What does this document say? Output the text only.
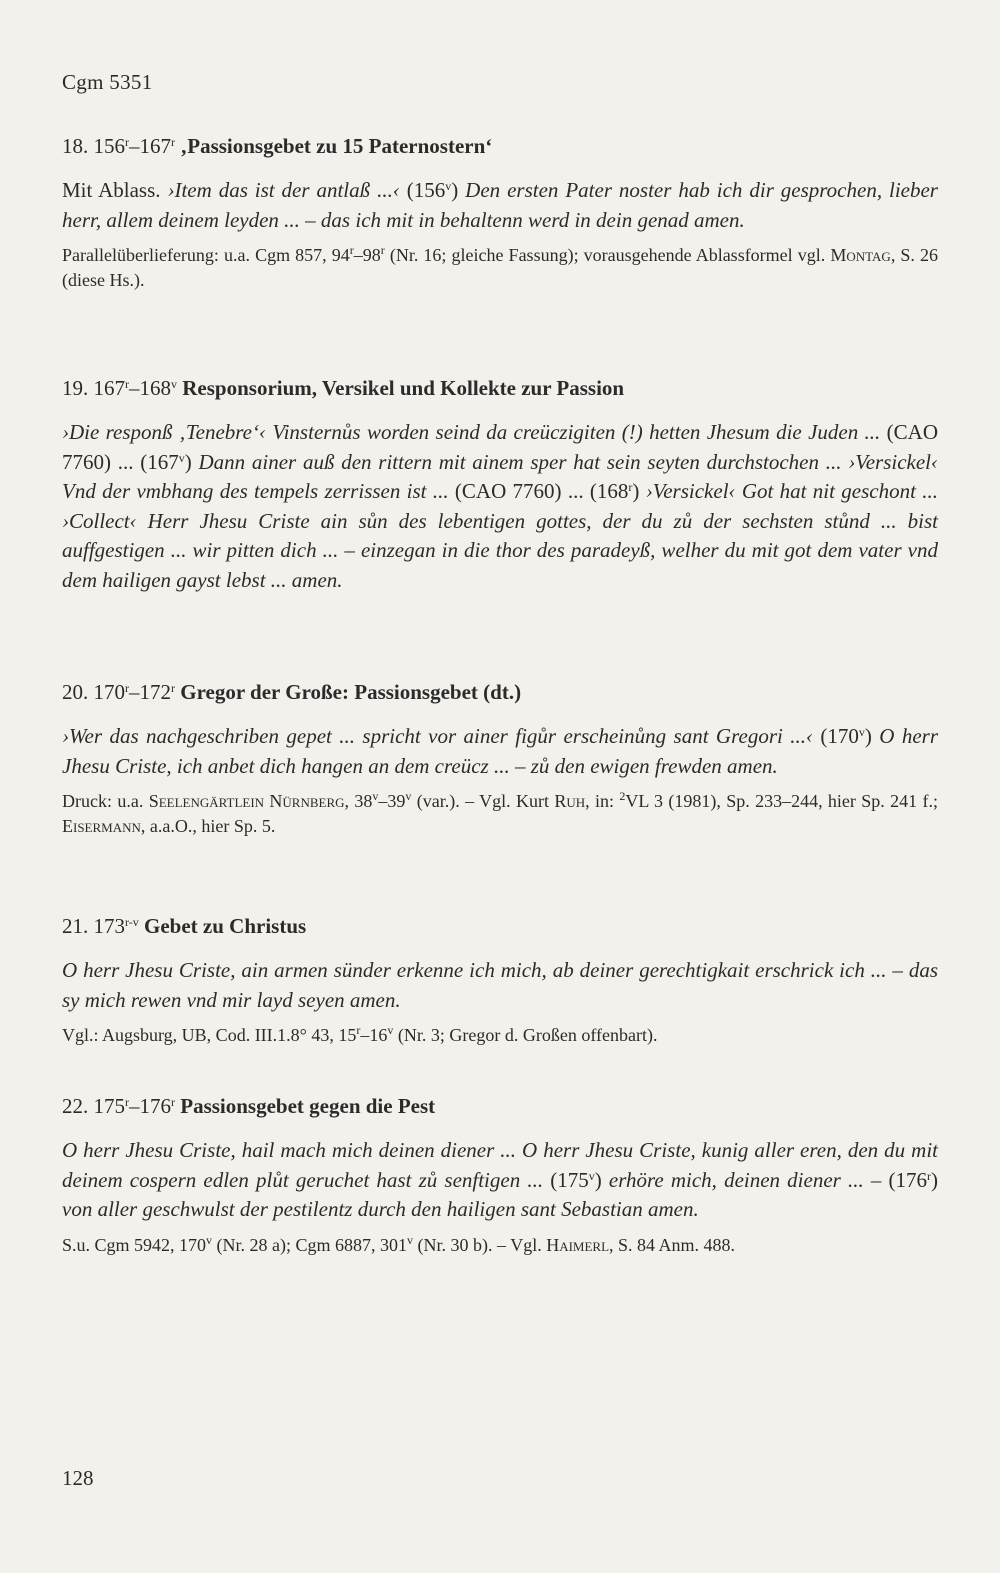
Cgm 5351

18. 156$^r$–167$^r$ ‚Passionsgebet zu 15 Paternostern‘

Mit Ablass. ›Item das ist der antlaß ...‹ (156$^v$) Den ersten Pater noster hab ich dir gesprochen, lieber herr, allem deinem leyden ... – das ich mit in behaltenn werd in dein genad amen.

Parallelüberlieferung: u.a. Cgm 857, 94$^r$–98$^r$ (Nr. 16; gleiche Fassung); vorausgehende Ablassformel vgl. Montag, S. 26 (diese Hs.).

19. 167$^r$–168$^v$ Responsorium, Versikel und Kollekte zur Passion

›Die responß ‚Tenebre‘‹ Vinsternůs worden seind da creüczigiten (!) hetten Jhesum die Juden ... (CAO 7760) ... (167$^v$) Dann ainer auß den rittern mit ainem sper hat sein seyten durchstochen ... ›Versickel‹ Vnd der vmbhang des tempels zerrissen ist ... (CAO 7760) ... (168$^r$) ›Versickel‹ Got hat nit geschont ... ›Collect‹ Herr Jhesu Criste ain sůn des lebentigen gottes, der du zů der sechsten stůnd ... bist auffgestigen ... wir pitten dich ... – einzegan in die thor des paradeyß, welher du mit got dem vater vnd dem hailigen gayst lebst ... amen.

20. 170$^r$–172$^r$ Gregor der Große: Passionsgebet (dt.)

›Wer das nachgeschriben gepet ... spricht vor ainer figůr erscheinůng sant Gregori ...‹ (170$^v$) O herr Jhesu Criste, ich anbet dich hangen an dem creücz ... – zů den ewigen frewden amen.

Druck: u.a. Seelengärtlein Nürnberg, 38$^v$–39$^v$ (var.). – Vgl. Kurt Ruh, in: $^2$VL 3 (1981), Sp. 233–244, hier Sp. 241 f.; Eisermann, a.a.O., hier Sp. 5.

21. 173$^{r-v}$ Gebet zu Christus

O herr Jhesu Criste, ain armen sünder erkenne ich mich, ab deiner gerechtigkait erschrick ich ... – das sy mich rewen vnd mir layd seyen amen.

Vgl.: Augsburg, UB, Cod. III.1.8° 43, 15$^r$–16$^v$ (Nr. 3; Gregor d. Großen offenbart).

22. 175$^r$–176$^r$ Passionsgebet gegen die Pest

O herr Jhesu Criste, hail mach mich deinen diener ... O herr Jhesu Criste, kunig aller eren, den du mit deinem cospern edlen plůt geruchet hast zů senftigen ... (175$^v$) erhöre mich, deinen diener ... – (176$^r$) von aller geschwulst der pestilentz durch den hailigen sant Sebastian amen.

S.u. Cgm 5942, 170$^v$ (Nr. 28 a); Cgm 6887, 301$^v$ (Nr. 30 b). – Vgl. Haimerl, S. 84 Anm. 488.

128
